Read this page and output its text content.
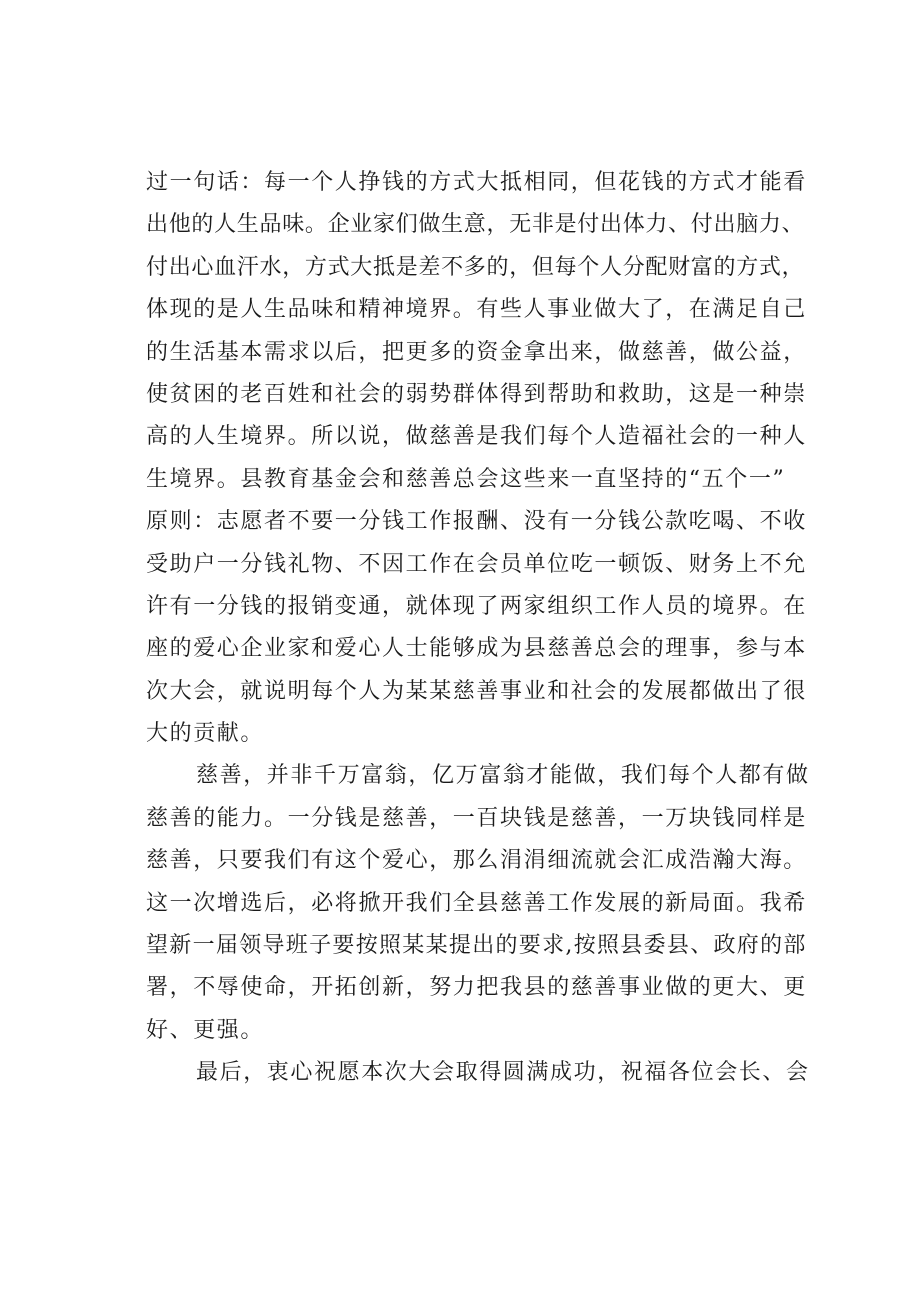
过一句话：每一个人挣钱的方式大抵相同，但花钱的方式才能看
出他的人生品味。企业家们做生意，无非是付出体力、付出脑力、
付出心血汗水，方式大抵是差不多的，但每个人分配财富的方式，
体现的是人生品味和精神境界。有些人事业做大了，在满足自己
的生活基本需求以后，把更多的资金拿出来，做慈善，做公益，
使贫困的老百姓和社会的弱势群体得到帮助和救助，这是一种崇
高的人生境界。所以说，做慈善是我们每个人造福社会的一种人
生境界。县教育基金会和慈善总会这些来一直坚持的“五个一”
原则：志愿者不要一分钱工作报酬、没有一分钱公款吃喝、不收
受助户一分钱礼物、不因工作在会员单位吃一顿饭、财务上不允
许有一分钱的报销变通，就体现了两家组织工作人员的境界。在
座的爱心企业家和爱心人士能够成为县慈善总会的理事，参与本
次大会，就说明每个人为某某慈善事业和社会的发展都做出了很
大的贡献。
慈善，并非千万富翁，亿万富翁才能做，我们每个人都有做
慈善的能力。一分钱是慈善，一百块钱是慈善，一万块钱同样是
慈善，只要我们有这个爱心，那么涓涓细流就会汇成浩瀚大海。
这一次增选后，必将掀开我们全县慈善工作发展的新局面。我希
望新一届领导班子要按照某某提出的要求,按照县委县、政府的部
署，不辱使命，开拓创新，努力把我县的慈善事业做的更大、更
好、更强。
最后，衷心祝愿本次大会取得圆满成功，祝福各位会长、会
